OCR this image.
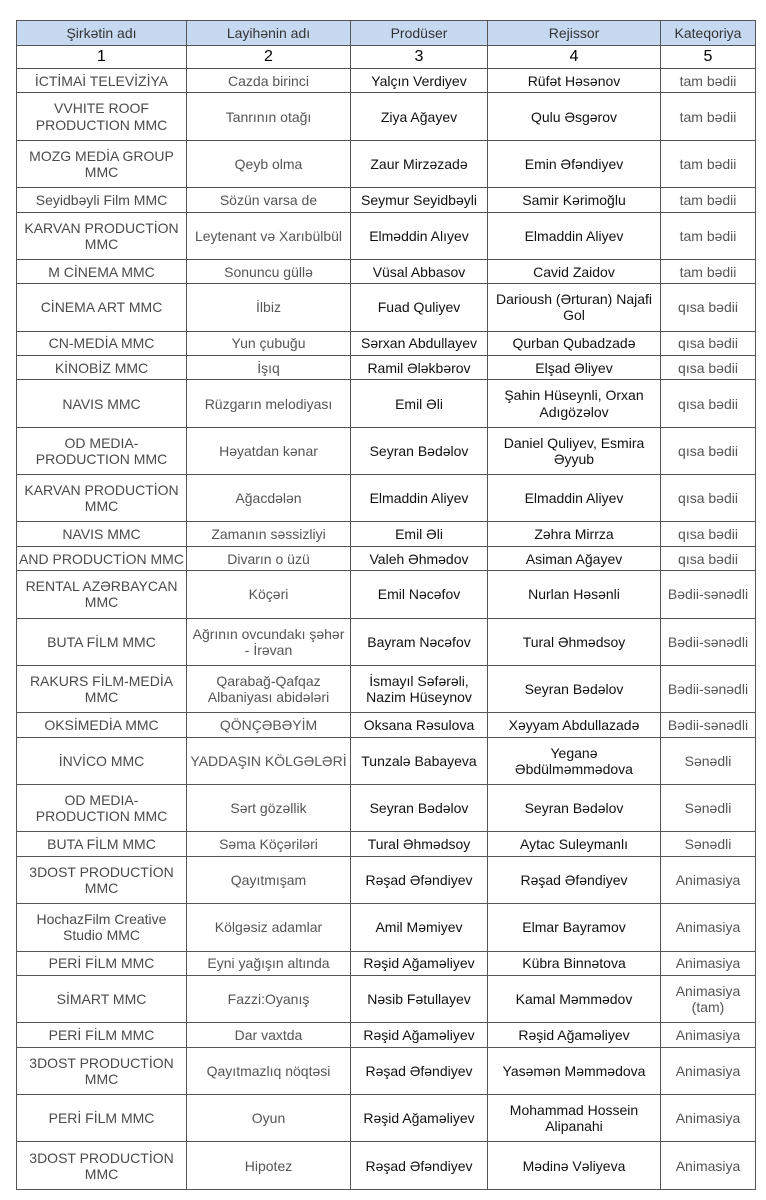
Şirkətin adı	Layihənin adı	Prodüser	Rejissor	Kateqoriya
1	2	3	4	5
İCTİMAİ TELEVİZİYA	Cazda birinci	Yalçın Verdiyev	Rüfət Həsənov	tam bədii
VVHITE ROOF PRODUCTION MMC	Tanrının otağı	Ziya Ağayev	Qulu Əsgərov	tam bədii
MOZG MEDİA GROUP MMC	Qeyb olma	Zaur Mirzəzadə	Emin Əfəndiyev	tam bədii
Seyidbəyli Film MMC	Sözün varsa de	Seymur Seyidbəyli	Samir Kərimoğlu	tam bədii
KARVAN PRODUCTİON MMC	Leytenant və Xarıbülbül	Elməddin Alıyev	Elmaddin Aliyev	tam bədii
M CİNEMA MMC	Sonuncu güllə	Vüsal Abbasov	Cavid Zaidov	tam bədii
CİNEMA ART MMC	İlbiz	Fuad Quliyev	Darioush (Ərturan) Najafi Gol	qısa bədii
CN-MEDİA MMC	Yun çubuğu	Sərxan Abdullayev	Qurban Qubadzadə	qısa bədii
KİNOBİZ MMC	İşıq	Ramil Ələkbərov	Elşad Əliyev	qısa bədii
NAVIS MMC	Rüzgarın melodiyası	Emil Əli	Şahin Hüseynli, Orxan Adıgözəlov	qısa bədii
OD MEDIA-PRODUCTION MMC	Həyatdan kənar	Seyran Bədəlov	Daniel Quliyev, Esmira Əyyub	qısa bədii
KARVAN PRODUCTİON MMC	Ağacdələn	Elmaddin Aliyev	Elmaddin Aliyev	qısa bədii
NAVIS MMC	Zamanın səssizliyi	Emil Əli	Zəhra Mirrza	qısa bədii
AND PRODUCTİON MMC	Divarın o üzü	Valeh Əhmədov	Asiman Ağayev	qısa bədii
RENTAL AZƏRBAYCAN MMC	Köçəri	Emil Nəcəfov	Nurlan Həsənli	Bədii-sənədli
BUTA FİLM MMC	Ağrının ovcundakı şəhər - İrəvan	Bayram Nəcəfov	Tural Əhmədsoy	Bədii-sənədli
RAKURS FİLM-MEDİA MMC	Qarabağ-Qafqaz Albaniyası abidələri	İsmayıl Səfərəli, Nazim Hüseynov	Seyran Bədəlov	Bədii-sənədli
OKSİMEDİA MMC	QÖNÇƏBƏYİM	Oksana Rəsulova	Xəyyam Abdullazadə	Bədii-sənədli
İNVİCO MMC	YADDAŞIN KÖLGƏLƏRİ	Tunzalə Babayeva	Yeganə Əbdülməmmədova	Sənədli
OD MEDIA-PRODUCTION MMC	Sərt gözəllik	Seyran Bədəlov	Seyran Bədəlov	Sənədli
BUTA FİLM MMC	Səma Köçəriləri	Tural Əhmədsoy	Aytac Suleymanlı	Sənədli
3DOST PRODUCTİON MMC	Qayıtmışam	Rəşad Əfəndiyev	Rəşad Əfəndiyev	Animasiya
HochazFilm Creative Studio MMC	Kölgəsiz adamlar	Amil Məmiyev	Elmar Bayramov	Animasiya
PERİ FİLM MMC	Eyni yağışın altında	Rəşid Ağaməliyev	Kübra Binnətova	Animasiya
SİMART MMC	Fazzi:Oyanış	Nəsib Fətullayev	Kamal Məmmədov	Animasiya (tam)
PERİ FİLM MMC	Dar vaxtda	Rəşid Ağaməliyev	Rəşid Ağaməliyev	Animasiya
3DOST PRODUCTİON MMC	Qayıtmazlıq nöqtəsi	Rəşad Əfəndiyev	Yasəmən Məmmədova	Animasiya
PERİ FİLM MMC	Oyun	Rəşid Ağaməliyev	Mohammad Hossein Alipanahi	Animasiya
3DOST PRODUCTİON MMC	Hipotez	Rəşad Əfəndiyev	Mədinə Vəliyeva	Animasiya
